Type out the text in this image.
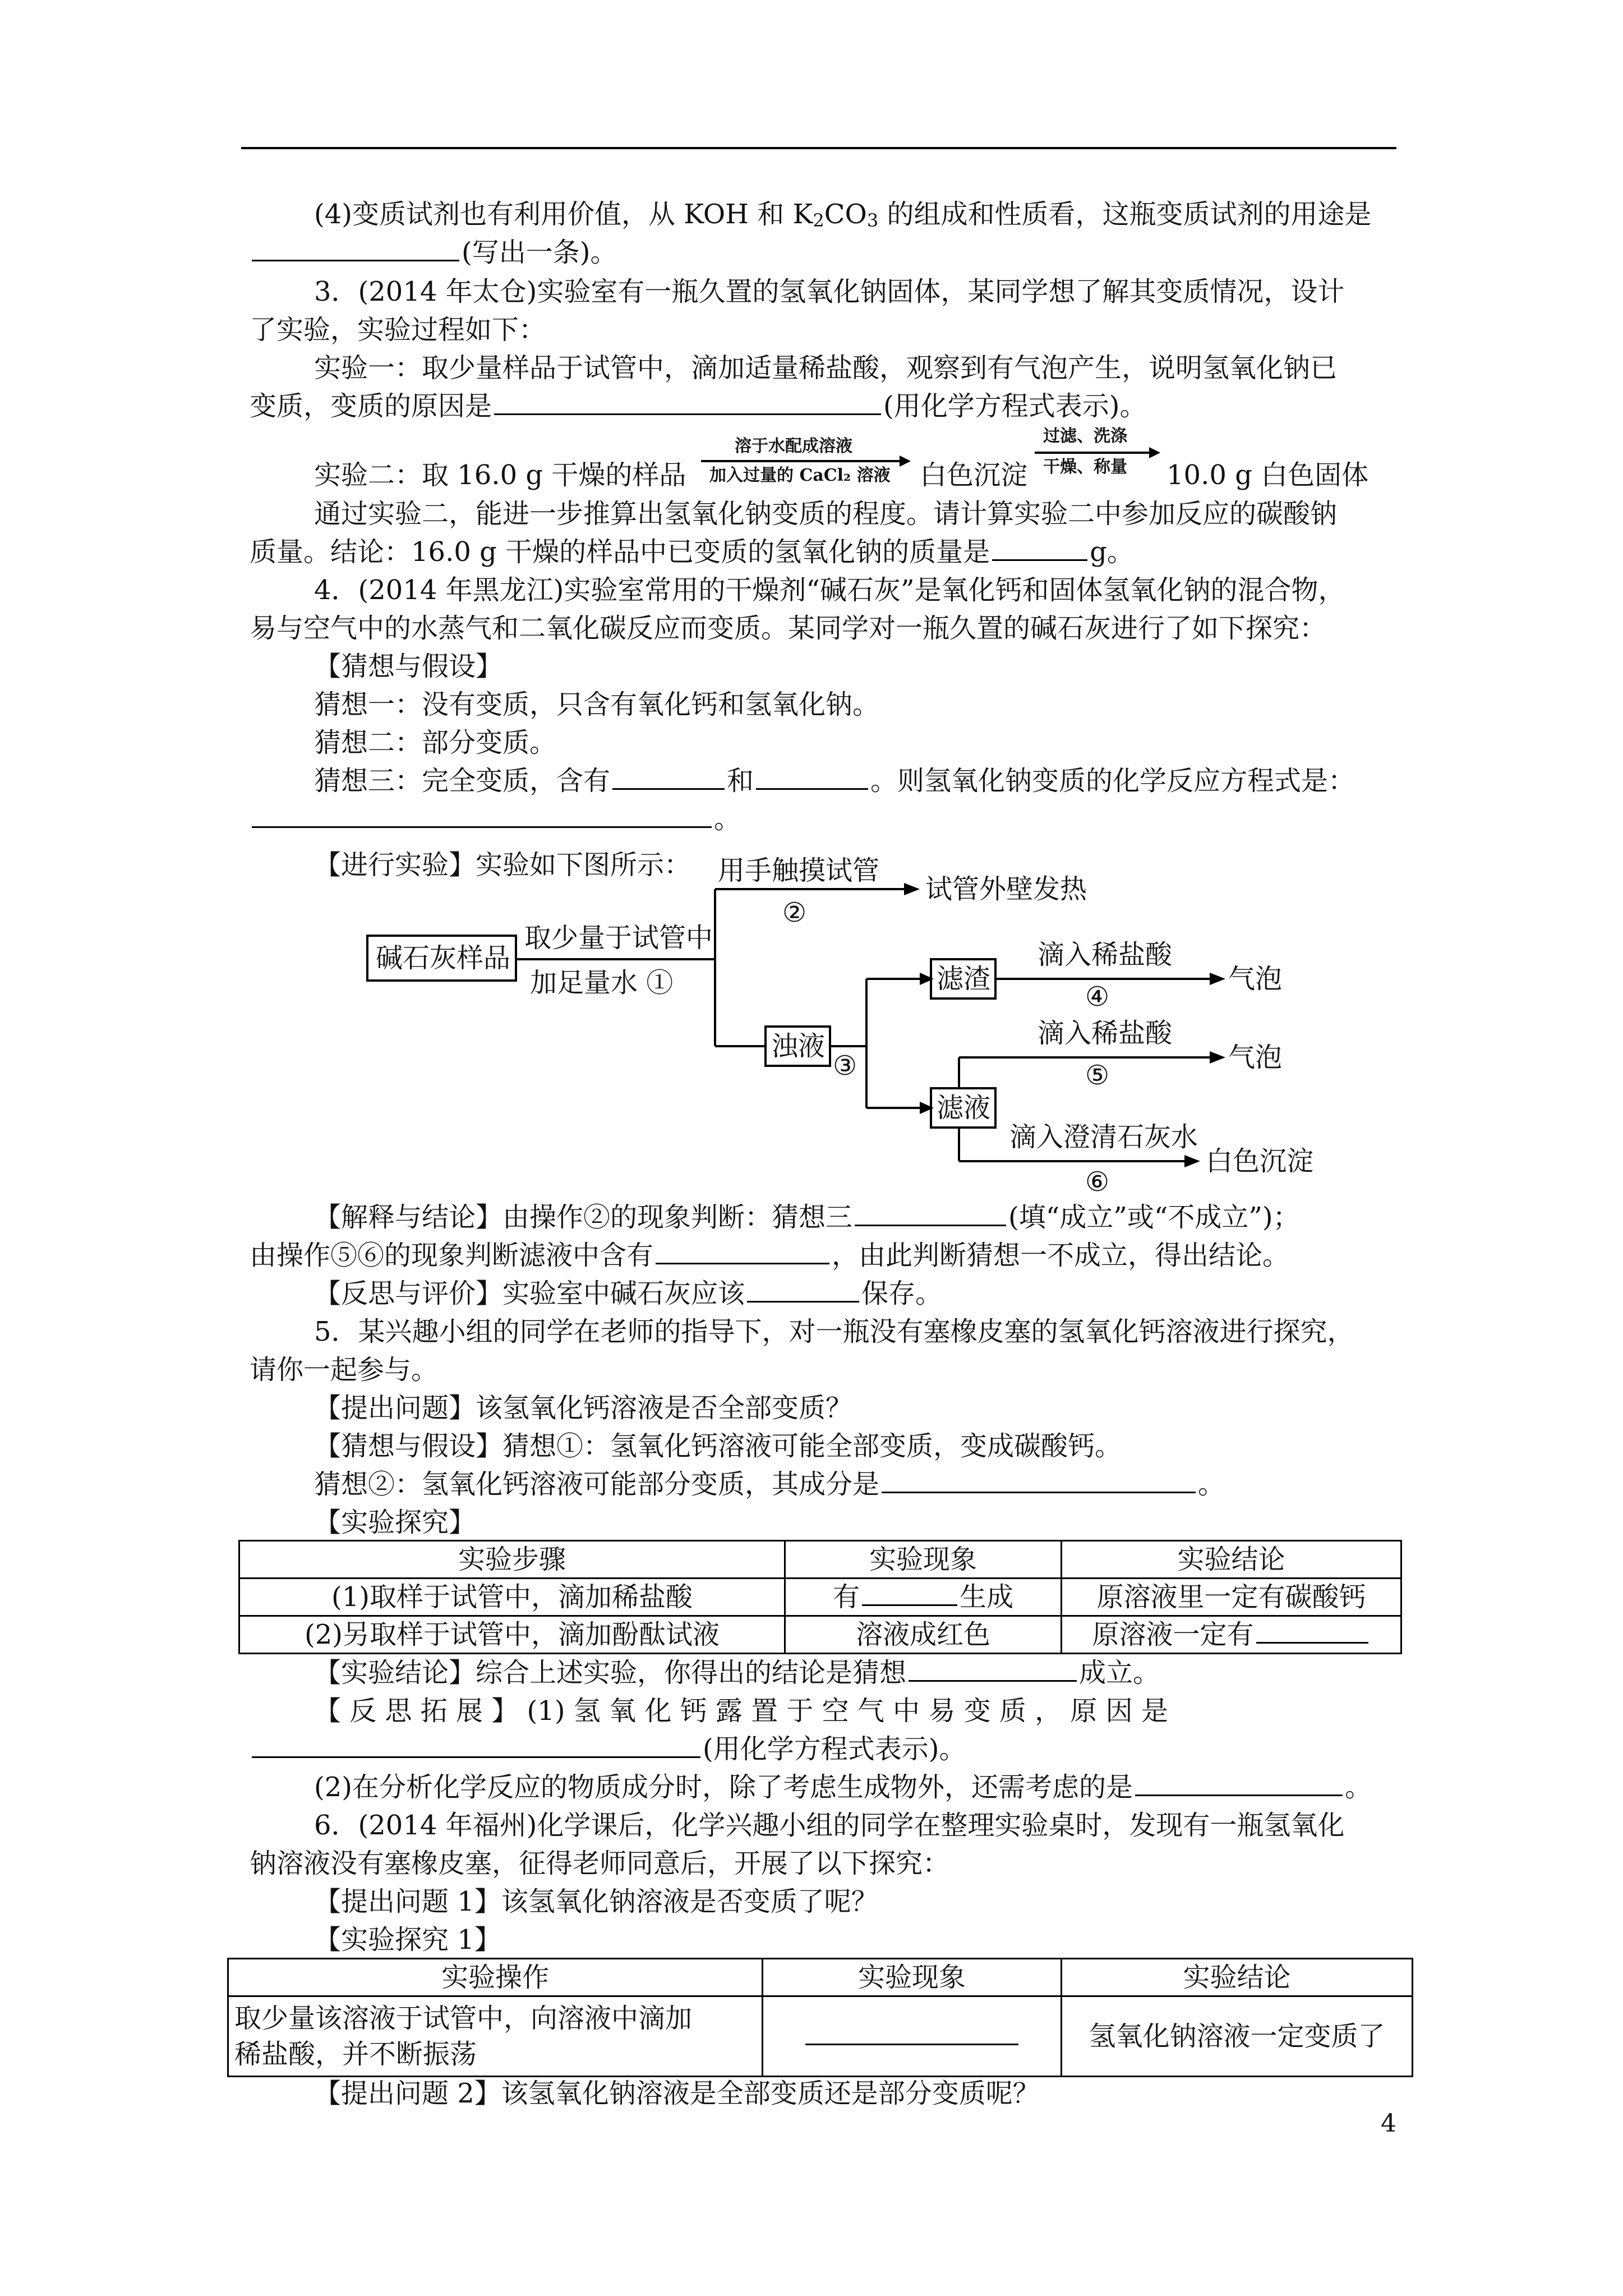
(4)变质试剂也有利用价值，从 KOH 和 K2CO3 的组成和性质看，这瓶变质试剂的用途是
(写出一条)。
3．(2014 年太仓)实验室有一瓶久置的氢氧化钠固体，某同学想了解其变质情况，设计
了实验，实验过程如下：
实验一：取少量样品于试管中，滴加适量稀盐酸，观察到有气泡产生，说明氢氧化钠已
变质，变质的原因是	(用化学方程式表示)。
实验二：取 16.0 g 干燥的样品
溶于水配成溶液
加入过量的 CaCl₂ 溶液 白色沉淀
过滤、洗涤
干燥、称量 10.0 g 白色固体
通过实验二，能进一步推算出氢氧化钠变质的程度。请计算实验二中参加反应的碳酸钠
质量。结论：16.0 g 干燥的样品中已变质的氢氧化钠的质量是	g。
4．(2014 年黑龙江)实验室常用的干燥剂“碱石灰”是氧化钙和固体氢氧化钠的混合物，
易与空气中的水蒸气和二氧化碳反应而变质。某同学对一瓶久置的碱石灰进行了如下探究：
【猜想与假设】
猜想一：没有变质，只含有氧化钙和氢氧化钠。
猜想二：部分变质。
猜想三：完全变质，含有	和	。则氢氧化钠变质的化学反应方程式是：
。
【进行实验】实验如下图所示：
碱石灰样品
取少量于试管中
加足量水 ①
用手触摸试管
②
试管外壁发热
浊液
③
滤渣
滴入稀盐酸
④
气泡
滤液
滴入稀盐酸
⑤
气泡
滴入澄清石灰水
⑥
白色沉淀
【解释与结论】由操作②的现象判断：猜想三	(填“成立”或“不成立”)；
由操作⑤⑥的现象判断滤液中含有	，由此判断猜想一不成立，得出结论。
【反思与评价】实验室中碱石灰应该	保存。
5．某兴趣小组的同学在老师的指导下，对一瓶没有塞橡皮塞的氢氧化钙溶液进行探究，
请你一起参与。
【提出问题】该氢氧化钙溶液是否全部变质？
【猜想与假设】猜想①：氢氧化钙溶液可能全部变质，变成碳酸钙。
猜想②：氢氧化钙溶液可能部分变质，其成分是	。
【实验探究】
实验步骤	实验现象	实验结论
(1)取样于试管中，滴加稀盐酸	有 生成	原溶液里一定有碳酸钙
(2)另取样于试管中，滴加酚酞试液	溶液成红色	原溶液一定有
【实验结论】综合上述实验，你得出的结论是猜想	成立。
【 反 思 拓 展 】 (1) 氢 氧 化 钙 露 置 于 空 气 中 易 变 质 ， 原 因 是
(用化学方程式表示)。
(2)在分析化学反应的物质成分时，除了考虑生成物外，还需考虑的是	。
6．(2014 年福州)化学课后，化学兴趣小组的同学在整理实验桌时，发现有一瓶氢氧化
钠溶液没有塞橡皮塞，征得老师同意后，开展了以下探究：
【提出问题 1】该氢氧化钠溶液是否变质了呢？
【实验探究 1】
实验操作	实验现象	实验结论

取少量该溶液于试管中，向溶液中滴加
稀盐酸，并不断振荡		氢氧化钠溶液一定变质了
【提出问题 2】该氢氧化钠溶液是全部变质还是部分变质呢？
4
